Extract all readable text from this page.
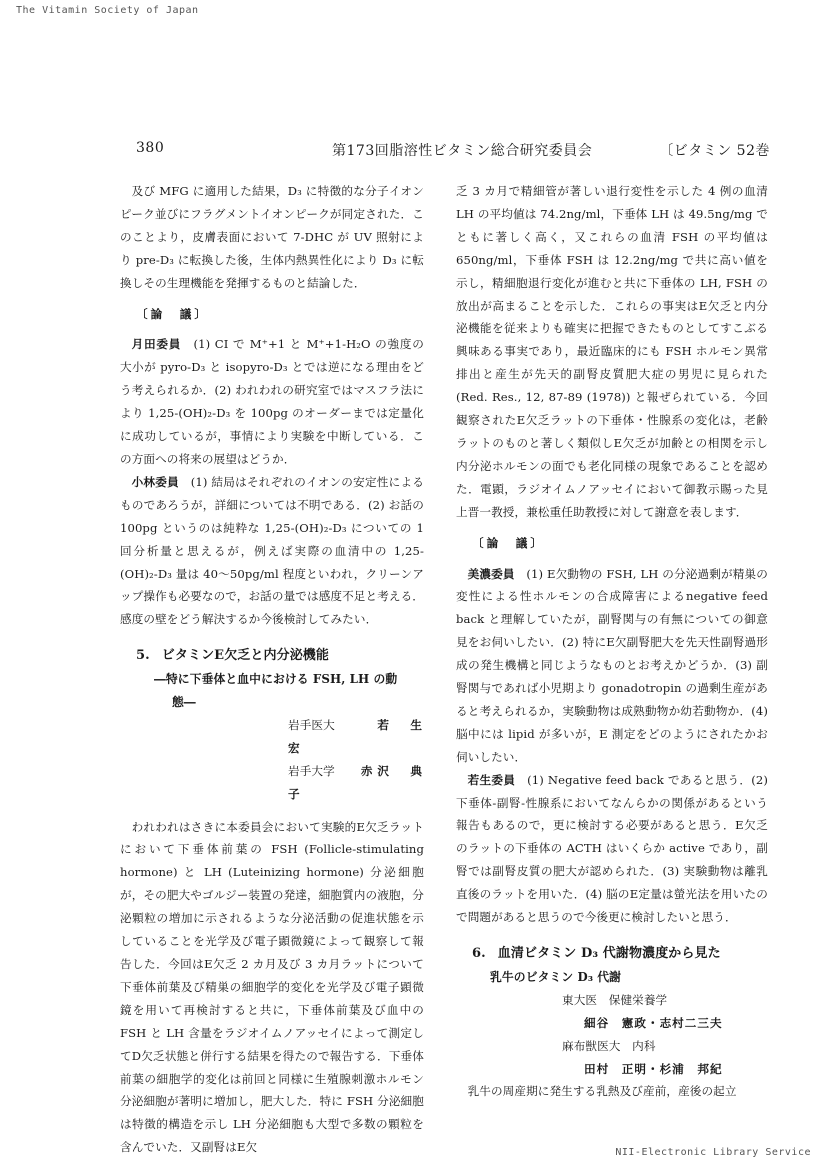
The Vitamin Society of Japan
380	第173回脂溶性ビタミン総合研究委員会	〔ビタミン 52巻

及び MFG に適用した結果，D₃ に特徴的な分子イオンピーク並びにフラグメントイオンピークが同定された．このことより，皮膚表面において 7-DHC が UV 照射により pre-D₃ に転換した後，生体内熱異性化により D₃ に転換しその生理機能を発揮するものと結論した．

〔論　議〕

月田委員　 (1) CI で M⁺+1 と M⁺+1-H₂O の強度の大小が pyro-D₃ と isopyro-D₃ とでは逆になる理由をどう考えられるか．(2) われわれの研究室ではマスフラ法により 1,25-(OH)₂-D₃ を 100pg のオーダーまでは定量化に成功しているが，事情により実験を中断している．この方面への将来の展望はどうか．

小林委員　 (1) 結局はそれぞれのイオンの安定性によるものであろうが，詳細については不明である．(2) お話の 100pg というのは純粋な 1,25-(OH)₂-D₃ についての 1 回分析量と思えるが，例えば実際の血清中の 1,25-(OH)₂-D₃ 量は 40～50pg/ml 程度といわれ，クリーンアップ操作も必要なので，お話の量では感度不足と考える．感度の壁をどう解決するか今後検討してみたい．

5. ビタミンE欠乏と内分泌機能

―特に下垂体と血中における FSH, LH の動

態―

岩手医大 若生　　宏

岩手大学 赤沢　典子

われわれはさきに本委員会において実験的E欠乏ラットにおいて下垂体前葉の FSH (Follicle-stimulating hormone) と LH (Luteinizing hormone) 分泌細胞が，その肥大やゴルジー装置の発達，細胞質内の液胞，分泌顆粒の増加に示されるような分泌活動の促進状態を示していることを光学及び電子顕微鏡によって観察して報告した．今回はE欠乏 2 カ月及び 3 カ月ラットについて下垂体前葉及び精巣の細胞学的変化を光学及び電子顕微鏡を用いて再検討すると共に，下垂体前葉及び血中の FSH と LH 含量をラジオイムノアッセイによって測定してD欠乏状態と併行する結果を得たので報告する．下垂体前葉の細胞学的変化は前回と同様に生殖腺刺激ホルモン分泌細胞が著明に増加し，肥大した．特に FSH 分泌細胞は特徴的構造を示し LH 分泌細胞も大型で多数の顆粒を含んでいた．又副腎はE欠

乏 3 カ月で精細管が著しい退行変性を示した 4 例の血清 LH の平均値は 74.2ng/ml，下垂体 LH は 49.5ng/mg でともに著しく高く，又これらの血清 FSH の平均値は 650ng/ml，下垂体 FSH は 12.2ng/mg で共に高い値を示し，精細胞退行変化が進むと共に下垂体の LH, FSH の放出が高まることを示した．これらの事実はE欠乏と内分泌機能を従来よりも確実に把握できたものとしてすこぶる興味ある事実であり，最近臨床的にも FSH ホルモン異常排出と産生が先天的副腎皮質肥大症の男児に見られた(Red. Res., 12, 87-89 (1978)) と報ぜられている．今回観察されたE欠乏ラットの下垂体・性腺系の変化は，老齢ラットのものと著しく類似しE欠乏が加齢との相関を示し内分泌ホルモンの面でも老化同様の現象であることを認めた．電顕，ラジオイムノアッセイにおいて御教示賜った見上晋一教授，兼松重任助教授に対して謝意を表します．

〔論　議〕

美濃委員　 (1) E欠動物の FSH, LH の分泌過剰が精巣の変性による性ホルモンの合成障害によるnegative feed back と理解していたが，副腎関与の有無についての御意見をお伺いしたい．(2) 特にE欠副腎肥大を先天性副腎過形成の発生機構と同じようなものとお考えかどうか．(3) 副腎関与であれば小児期より gonadotropin の過剰生産があると考えられるか，実験動物は成熟動物か幼若動物か．(4) 脳中には lipid が多いが，E 測定をどのようにされたかお伺いしたい．

若生委員　 (1) Negative feed back であると思う．(2) 下垂体-副腎-性腺系においてなんらかの関係があるという報告もあるので，更に検討する必要があると思う．E欠乏のラットの下垂体の ACTH はいくらか active であり，副腎では副腎皮質の肥大が認められた．(3) 実験動物は離乳直後のラットを用いた．(4) 脳のE定量は螢光法を用いたので問題があると思うので今後更に検討したいと思う．

6. 血清ビタミン D₃ 代謝物濃度から見た

乳牛のビタミン D₃ 代謝

東大医　保健栄養学

細谷　憲政・志村二三夫

麻布獣医大　内科

田村　正明・杉浦　邦紀

乳牛の周産期に発生する乳熱及び産前，産後の起立

NII-Electronic Library Service
